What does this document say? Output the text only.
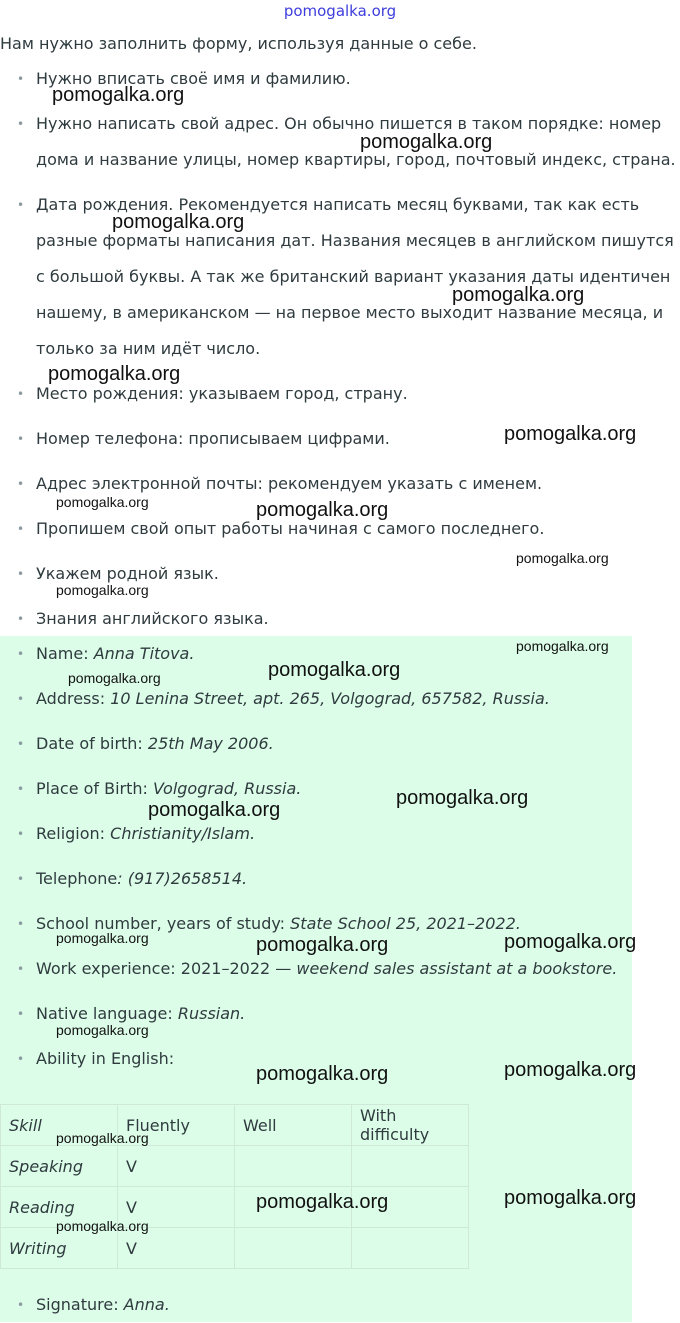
pomogalka.org
Нам нужно заполнить форму, используя данные о себе.
• Нужно вписать своё имя и фамилию.
• Нужно написать свой адрес. Он обычно пишется в таком порядке: номер дома и название улицы, номер квартиры, город, почтовый индекс, страна.
• Дата рождения. Рекомендуется написать месяц буквами, так как есть разные форматы написания дат. Названия месяцев в английском пишутся с большой буквы. А так же британский вариант указания даты идентичен нашему, в американском — на первое место выходит название месяца, и только за ним идёт число.
• Место рождения: указываем город, страну.
• Номер телефона: прописываем цифрами.
• Адрес электронной почты: рекомендуем указать с именем.
• Пропишем свой опыт работы начиная с самого последнего.
• Укажем родной язык.
• Знания английского языка.
• Name: Anna Titova.
• Address: 10 Lenina Street, apt. 265, Volgograd, 657582, Russia.
• Date of birth: 25th May 2006.
• Place of Birth: Volgograd, Russia.
• Religion: Christianity/Islam.
• Telephone: (917)2658514.
• School number, years of study: State School 25, 2021–2022.
• Work experience: 2021–2022 — weekend sales assistant at a bookstore.
• Native language: Russian.
• Ability in English:
Skill	Fluently	Well	With difficulty
Speaking	V		
Reading	V		
Writing	V		
• Signature: Anna.
pomogalka.org
pomogalka.org
pomogalka.org
pomogalka.org
pomogalka.org
pomogalka.org
pomogalka.org	pomogalka.org
pomogalka.org
pomogalka.org
pomogalka.org
pomogalka.org
pomogalka.org
pomogalka.org
pomogalka.org
pomogalka.org	pomogalka.org
pomogalka.org
pomogalka.org
pomogalka.org
pomogalka.org
pomogalka.org
pomogalka.org
pomogalka.org
pomogalka.org
